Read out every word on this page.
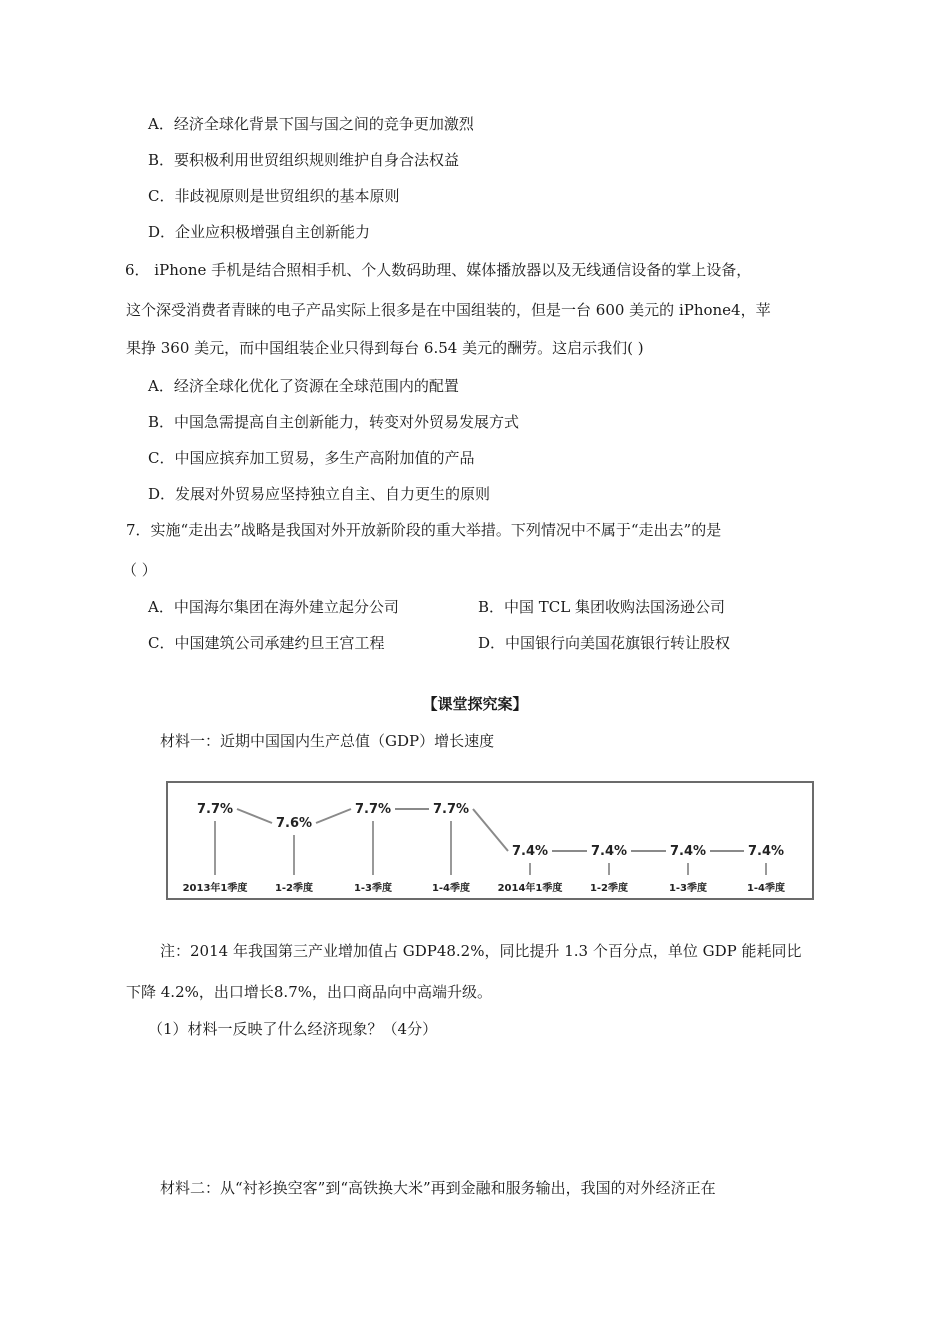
A．经济全球化背景下国与国之间的竞争更加激烈
B．要积极利用世贸组织规则维护自身合法权益
C．非歧视原则是世贸组织的基本原则
D．企业应积极增强自主创新能力
6． iPhone 手机是结合照相手机、个人数码助理、媒体播放器以及无线通信设备的掌上设备，
这个深受消费者青睐的电子产品实际上很多是在中国组装的，但是一台 600 美元的 iPhone4，苹
果挣 360 美元，而中国组装企业只得到每台 6.54 美元的酬劳。这启示我们( )
A．经济全球化优化了资源在全球范围内的配置
B．中国急需提高自主创新能力，转变对外贸易发展方式
C．中国应摈弃加工贸易，多生产高附加值的产品
D．发展对外贸易应坚持独立自主、自力更生的原则
7．实施“走出去”战略是我国对外开放新阶段的重大举措。下列情况中不属于“走出去”的是
（ ）
A．中国海尔集团在海外建立起分公司	B．中国 TCL 集团收购法国汤逊公司
C．中国建筑公司承建约旦王宫工程	D．中国银行向美国花旗银行转让股权
【课堂探究案】
材料一：近期中国国内生产总值（GDP）增长速度
7.7%
2013年1季度
7.6%
1-2季度
7.7%
1-3季度
7.7%
1-4季度
7.4%
2014年1季度
7.4%
1-2季度
7.4%
1-3季度
7.4%
1-4季度
注：2014 年我国第三产业增加值占 GDP48.2%，同比提升 1.3 个百分点，单位 GDP 能耗同比
下降 4.2%，出口增长8.7%，出口商品向中高端升级。
（1）材料一反映了什么经济现象？（4分）
材料二：从“衬衫换空客”到“高铁换大米”再到金融和服务输出，我国的对外经济正在
